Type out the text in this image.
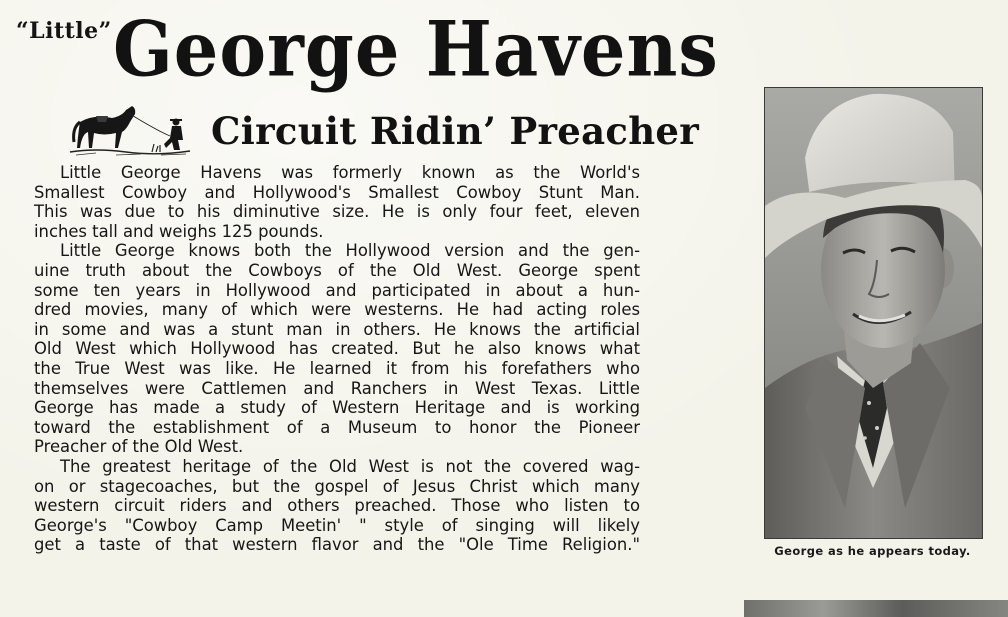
“Little” George Havens
Circuit Ridin’ Preacher
Little George Havens was formerly known as the World's
Smallest Cowboy and Hollywood's Smallest Cowboy Stunt Man.
This was due to his diminutive size. He is only four feet, eleven
inches tall and weighs 125 pounds.
Little George knows both the Hollywood version and the gen-
uine truth about the Cowboys of the Old West. George spent
some ten years in Hollywood and participated in about a hun-
dred movies, many of which were westerns. He had acting roles
in some and was a stunt man in others. He knows the artificial
Old West which Hollywood has created. But he also knows what
the True West was like. He learned it from his forefathers who
themselves were Cattlemen and Ranchers in West Texas. Little
George has made a study of Western Heritage and is working
toward the establishment of a Museum to honor the Pioneer
Preacher of the Old West.
The greatest heritage of the Old West is not the covered wag-
on or stagecoaches, but the gospel of Jesus Christ which many
western circuit riders and others preached. Those who listen to
George's "Cowboy Camp Meetin' " style of singing will likely
get a taste of that western flavor and the "Ole Time Religion."	George as he appears today.
